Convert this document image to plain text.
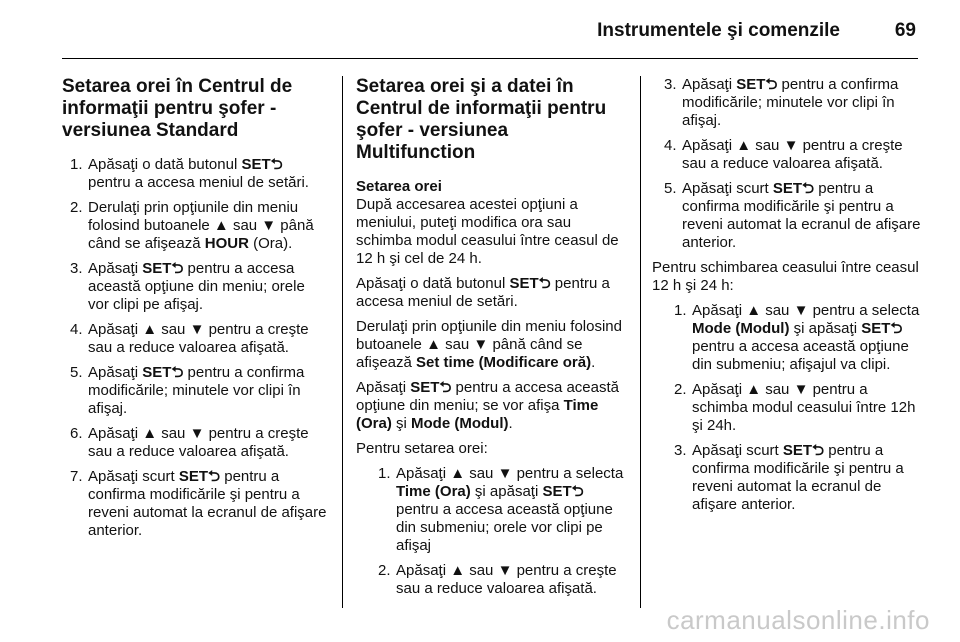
Instrumentele şi comenzile	69
Setarea orei în Centrul de informaţii pentru şofer - versiunea Standard
1. Apăsaţi o dată butonul SET⮌ pentru a accesa meniul de setări.
2. Derulaţi prin opţiunile din meniu folosind butoanele ▲ sau ▼ până când se afişează HOUR (Ora).
3. Apăsaţi SET⮌ pentru a accesa această opţiune din meniu; orele vor clipi pe afişaj.
4. Apăsaţi ▲ sau ▼ pentru a creşte sau a reduce valoarea afişată.
5. Apăsaţi SET⮌ pentru a confirma modificările; minutele vor clipi în afişaj.
6. Apăsaţi ▲ sau ▼ pentru a creşte sau a reduce valoarea afişată.
7. Apăsaţi scurt SET⮌ pentru a confirma modificările şi pentru a reveni automat la ecranul de afişare anterior.
Setarea orei şi a datei în Centrul de informaţii pentru şofer - versiunea Multifunction
Setarea orei

După accesarea acestei opţiuni a meniului, puteţi modifica ora sau schimba modul ceasului între ceasul de 12 h şi cel de 24 h.

Apăsaţi o dată butonul SET⮌ pentru a accesa meniul de setări.

Derulaţi prin opţiunile din meniu folosind butoanele ▲ sau ▼ până când se afişează Set time (Modificare oră).

Apăsaţi SET⮌ pentru a accesa această opţiune din meniu; se vor afişa Time (Ora) şi Mode (Modul).

Pentru setarea orei:

1. Apăsaţi ▲ sau ▼ pentru a selecta Time (Ora) şi apăsaţi SET⮌ pentru a accesa această opţiune din submeniu; orele vor clipi pe afişaj
2. Apăsaţi ▲ sau ▼ pentru a creşte sau a reduce valoarea afişată.
3. Apăsaţi SET⮌ pentru a confirma modificările; minutele vor clipi în afişaj.
4. Apăsaţi ▲ sau ▼ pentru a creşte sau a reduce valoarea afişată.
5. Apăsaţi scurt SET⮌ pentru a confirma modificările şi pentru a reveni automat la ecranul de afişare anterior.

Pentru schimbarea ceasului între ceasul 12 h şi 24 h:

1. Apăsaţi ▲ sau ▼ pentru a selecta Mode (Modul) şi apăsaţi SET⮌ pentru a accesa această opţiune din submeniu; afişajul va clipi.
2. Apăsaţi ▲ sau ▼ pentru a schimba modul ceasului între 12h şi 24h.
3. Apăsaţi scurt SET⮌ pentru a confirma modificările şi pentru a reveni automat la ecranul de afişare anterior.
carmanualsonline.info
